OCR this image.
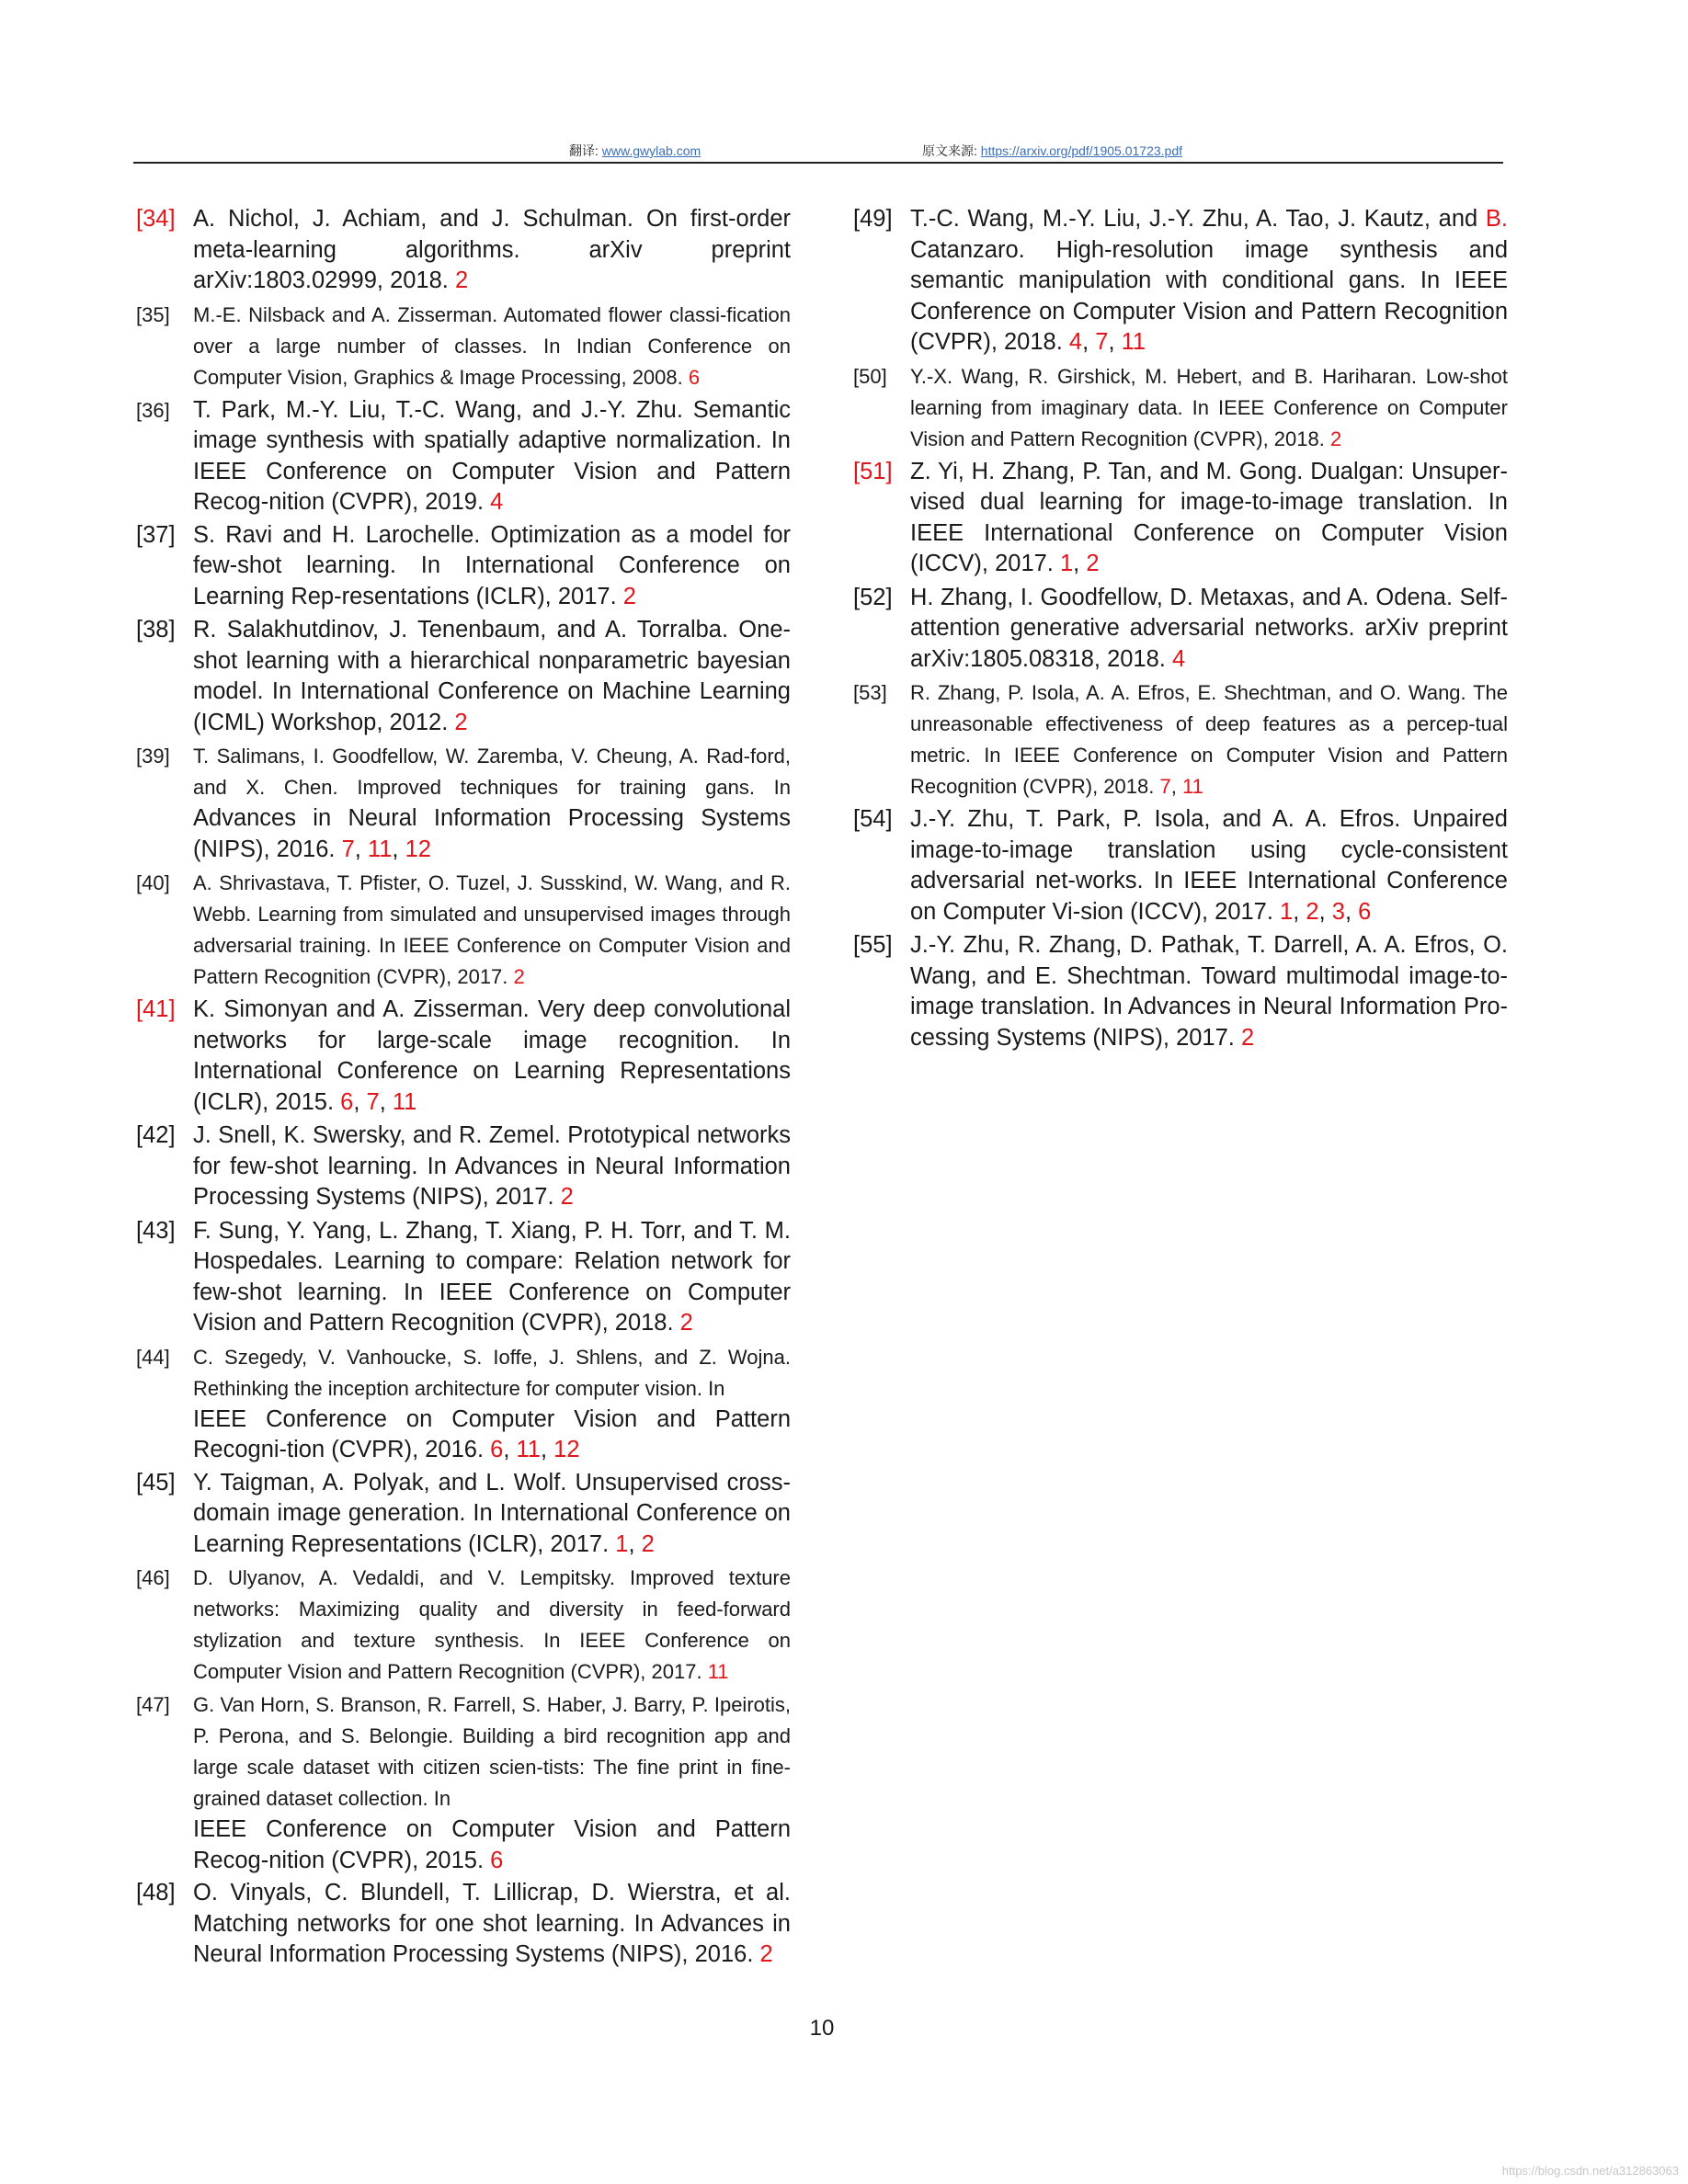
翻译: www.gwylab.com	原文来源: https://arxiv.org/pdf/1905.01723.pdf
[34] A. Nichol, J. Achiam, and J. Schulman. On first-order meta-learning algorithms. arXiv preprint arXiv:1803.02999, 2018. 2
[35] M.-E. Nilsback and A. Zisserman. Automated flower classi-fication over a large number of classes. In Indian Conference on Computer Vision, Graphics & Image Processing, 2008. 6
[36] T. Park, M.-Y. Liu, T.-C. Wang, and J.-Y. Zhu. Semantic image synthesis with spatially adaptive normalization. In IEEE Conference on Computer Vision and Pattern Recog-nition (CVPR), 2019. 4
[37] S. Ravi and H. Larochelle. Optimization as a model for few-shot learning. In International Conference on Learning Rep-resentations (ICLR), 2017. 2
[38] R. Salakhutdinov, J. Tenenbaum, and A. Torralba. One-shot learning with a hierarchical nonparametric bayesian model. In International Conference on Machine Learning (ICML) Workshop, 2012. 2
[39] T. Salimans, I. Goodfellow, W. Zaremba, V. Cheung, A. Rad-ford, and X. Chen. Improved techniques for training gans. In Advances in Neural Information Processing Systems (NIPS), 2016. 7, 11, 12
[40] A. Shrivastava, T. Pfister, O. Tuzel, J. Susskind, W. Wang, and R. Webb. Learning from simulated and unsupervised images through adversarial training. In IEEE Conference on Computer Vision and Pattern Recognition (CVPR), 2017. 2
[41] K. Simonyan and A. Zisserman. Very deep convolutional networks for large-scale image recognition. In International Conference on Learning Representations (ICLR), 2015. 6, 7, 11
[42] J. Snell, K. Swersky, and R. Zemel. Prototypical networks for few-shot learning. In Advances in Neural Information Processing Systems (NIPS), 2017. 2
[43] F. Sung, Y. Yang, L. Zhang, T. Xiang, P. H. Torr, and T. M. Hospedales. Learning to compare: Relation network for few-shot learning. In IEEE Conference on Computer Vision and Pattern Recognition (CVPR), 2018. 2
[44] C. Szegedy, V. Vanhoucke, S. Ioffe, J. Shlens, and Z. Wojna. Rethinking the inception architecture for computer vision. In
IEEE Conference on Computer Vision and Pattern Recogni-tion (CVPR), 2016. 6, 11, 12
[45] Y. Taigman, A. Polyak, and L. Wolf. Unsupervised cross-domain image generation. In International Conference on Learning Representations (ICLR), 2017. 1, 2
[46] D. Ulyanov, A. Vedaldi, and V. Lempitsky. Improved texture networks: Maximizing quality and diversity in feed-forward stylization and texture synthesis. In IEEE Conference on Computer Vision and Pattern Recognition (CVPR), 2017. 11
[47] G. Van Horn, S. Branson, R. Farrell, S. Haber, J. Barry, P. Ipeirotis, P. Perona, and S. Belongie. Building a bird recognition app and large scale dataset with citizen scien-tists: The fine print in fine-grained dataset collection. In
IEEE Conference on Computer Vision and Pattern Recog-nition (CVPR), 2015. 6
[48] O. Vinyals, C. Blundell, T. Lillicrap, D. Wierstra, et al. Matching networks for one shot learning. In Advances in Neural Information Processing Systems (NIPS), 2016. 2
[49] T.-C. Wang, M.-Y. Liu, J.-Y. Zhu, A. Tao, J. Kautz, and B. Catanzaro. High-resolution image synthesis and semantic manipulation with conditional gans. In IEEE Conference on Computer Vision and Pattern Recognition (CVPR), 2018. 4, 7, 11
[50] Y.-X. Wang, R. Girshick, M. Hebert, and B. Hariharan. Low-shot learning from imaginary data. In IEEE Conference on Computer Vision and Pattern Recognition (CVPR), 2018. 2
[51] Z. Yi, H. Zhang, P. Tan, and M. Gong. Dualgan: Unsuper-vised dual learning for image-to-image translation. In IEEE International Conference on Computer Vision (ICCV), 2017. 1, 2
[52] H. Zhang, I. Goodfellow, D. Metaxas, and A. Odena. Self-attention generative adversarial networks. arXiv preprint arXiv:1805.08318, 2018. 4
[53] R. Zhang, P. Isola, A. A. Efros, E. Shechtman, and O. Wang. The unreasonable effectiveness of deep features as a percep-tual metric. In IEEE Conference on Computer Vision and Pattern Recognition (CVPR), 2018. 7, 11
[54] J.-Y. Zhu, T. Park, P. Isola, and A. A. Efros. Unpaired image-to-image translation using cycle-consistent adversarial net-works. In IEEE International Conference on Computer Vi-sion (ICCV), 2017. 1, 2, 3, 6
[55] J.-Y. Zhu, R. Zhang, D. Pathak, T. Darrell, A. A. Efros, O. Wang, and E. Shechtman. Toward multimodal image-to-image translation. In Advances in Neural Information Pro-cessing Systems (NIPS), 2017. 2
10
https://blog.csdn.net/a312863063
